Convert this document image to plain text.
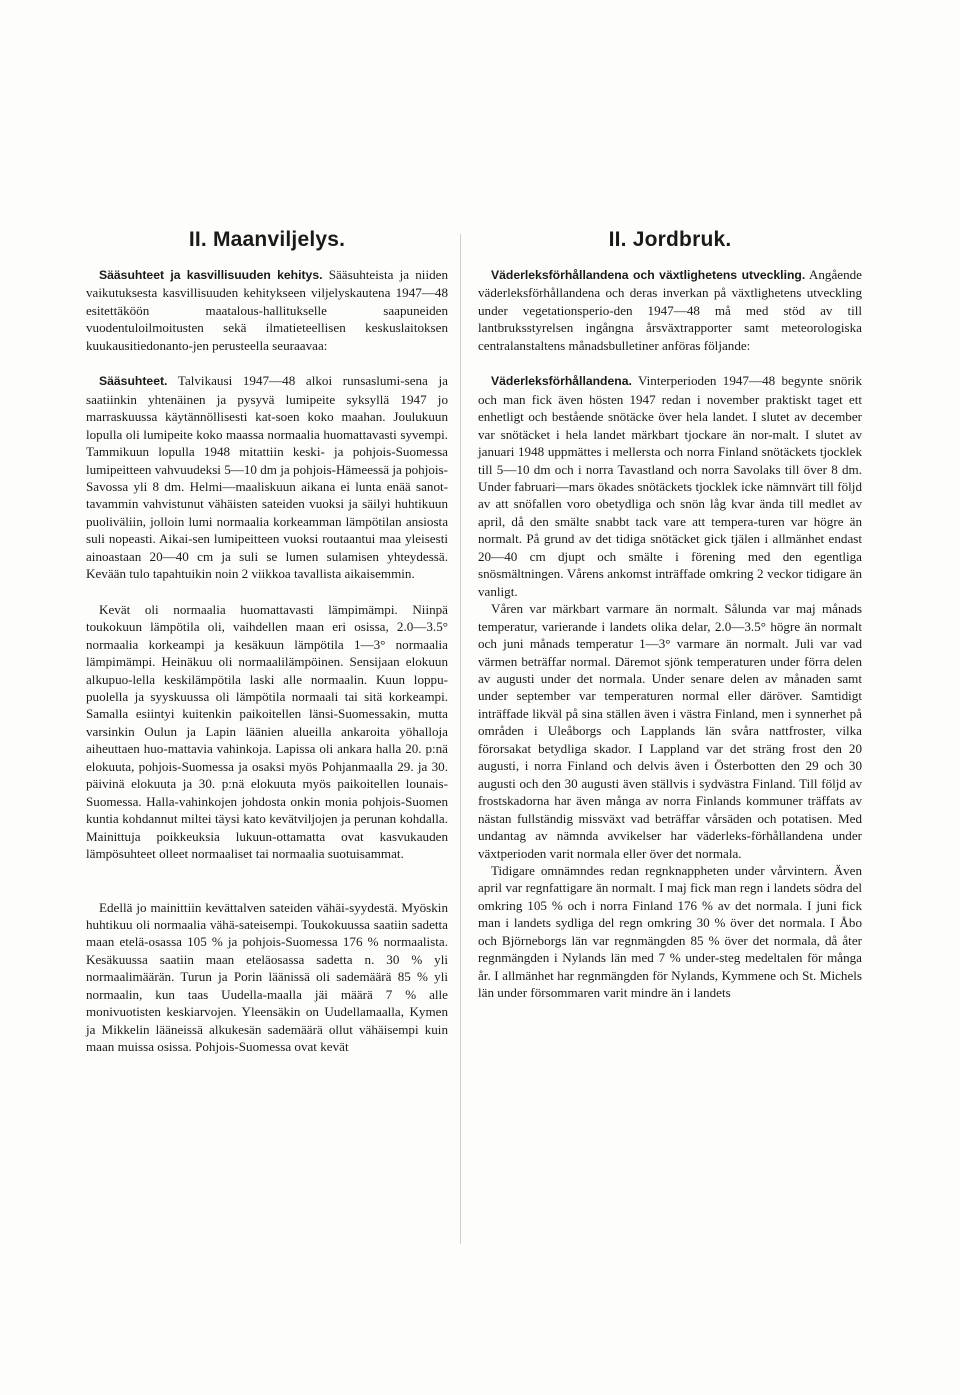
II. Maanviljelys.

Sääsuhteet ja kasvillisuuden kehitys. Sääsuhteista ja niiden vaikutuksesta kasvillisuuden kehitykseen viljelyskautena 1947—48 esitettäköön maatalous-hallitukselle saapuneiden vuodentuloilmoitusten sekä ilmatieteellisen keskuslaitoksen kuukausitiedonanto-jen perusteella seuraavaa:

Sääsuhteet. Talvikausi 1947—48 alkoi runsaslumi-sena ja saatiinkin yhtenäinen ja pysyvä lumipeite syksyllä 1947 jo marraskuussa käytännöllisesti kat-soen koko maahan. Joulukuun lopulla oli lumipeite koko maassa normaalia huomattavasti syvempi. Tammikuun lopulla 1948 mitattiin keski- ja pohjois-Suomessa lumipeitteen vahvuudeksi 5—10 dm ja pohjois-Hämeessä ja pohjois-Savossa yli 8 dm. Helmi—maaliskuun aikana ei lunta enää sanot-tavammin vahvistunut vähäisten sateiden vuoksi ja säilyi huhtikuun puoliväliin, jolloin lumi normaalia korkeamman lämpötilan ansiosta suli nopeasti. Aikai-sen lumipeitteen vuoksi routaantui maa yleisesti ainoastaan 20—40 cm ja suli se lumen sulamisen yhteydessä. Kevään tulo tapahtuikin noin 2 viikkoa tavallista aikaisemmin.

Kevät oli normaalia huomattavasti lämpimämpi. Niinpä toukokuun lämpötila oli, vaihdellen maan eri osissa, 2.0—3.5° normaalia korkeampi ja kesäkuun lämpötila 1—3° normaalia lämpimämpi. Heinäkuu oli normaalilämpöinen. Sensijaan elokuun alkupuo-lella keskilämpötila laski alle normaalin. Kuun loppu-puolella ja syyskuussa oli lämpötila normaali tai sitä korkeampi. Samalla esiintyi kuitenkin paikoitellen länsi-Suomessakin, mutta varsinkin Oulun ja Lapin läänien alueilla ankaroita yöhalloja aiheuttaen huo-mattavia vahinkoja. Lapissa oli ankara halla 20. p:nä elokuuta, pohjois-Suomessa ja osaksi myös Pohjanmaalla 29. ja 30. päivinä elokuuta ja 30. p:nä elokuuta myös paikoitellen lounais-Suomessa. Halla-vahinkojen johdosta onkin monia pohjois-Suomen kuntia kohdannut miltei täysi kato kevätviljojen ja perunan kohdalla. Mainittuja poikkeuksia lukuun-ottamatta ovat kasvukauden lämpösuhteet olleet normaaliset tai normaalia suotuisammat.

Edellä jo mainittiin kevättalven sateiden vähäi-syydestä. Myöskin huhtikuu oli normaalia vähä-sateisempi. Toukokuussa saatiin sadetta maan etelä-osassa 105 % ja pohjois-Suomessa 176 % normaalista. Kesäkuussa saatiin maan eteläosassa sadetta n. 30 % yli normaalimäärän. Turun ja Porin läänissä oli sademäärä 85 % yli normaalin, kun taas Uudella-maalla jäi määrä 7 % alle monivuotisten keskiarvojen. Yleensäkin on Uudellamaalla, Kymen ja Mikkelin lääneissä alkukesän sademäärä ollut vähäisempi kuin maan muissa osissa. Pohjois-Suomessa ovat kevät

II. Jordbruk.

Väderleksförhållandena och växtlighetens utveckling. Angående väderleksförhållandena och deras inverkan på växtlighetens utveckling under vegetationsperio-den 1947—48 må med stöd av till lantbruksstyrelsen ingångna årsväxtrapporter samt meteorologiska centralanstaltens månadsbulletiner anföras följande:

Väderleksförhållandena. Vinterperioden 1947—48 begynte snörik och man fick även hösten 1947 redan i november praktiskt taget ett enhetligt och bestående snötäcke över hela landet. I slutet av december var snötäcket i hela landet märkbart tjockare än nor-malt. I slutet av januari 1948 uppmättes i mellersta och norra Finland snötäckets tjocklek till 5—10 dm och i norra Tavastland och norra Savolaks till över 8 dm. Under fabruari—mars ökades snötäckets tjocklek icke nämnvärt till följd av att snöfallen voro obetydliga och snön låg kvar ända till medlet av april, då den smälte snabbt tack vare att tempera-turen var högre än normalt. På grund av det tidiga snötäcket gick tjälen i allmänhet endast 20—40 cm djupt och smälte i förening med den egentliga snösmältningen. Vårens ankomst inträffade omkring 2 veckor tidigare än vanligt.

Våren var märkbart varmare än normalt. Sålunda var maj månads temperatur, varierande i landets olika delar, 2.0—3.5° högre än normalt och juni månads temperatur 1—3° varmare än normalt. Juli var vad värmen beträffar normal. Däremot sjönk temperaturen under förra delen av augusti under det normala. Under senare delen av månaden samt under september var temperaturen normal eller däröver. Samtidigt inträffade likväl på sina ställen även i västra Finland, men i synnerhet på områden i Uleåborgs och Lapplands län svåra nattfroster, vilka förorsakat betydliga skador. I Lappland var det sträng frost den 20 augusti, i norra Finland och delvis även i Österbotten den 29 och 30 augusti och den 30 augusti även ställvis i sydvästra Finland. Till följd av frostskadorna har även många av norra Finlands kommuner träffats av nästan fullständig missväxt vad beträffar vårsäden och potatisen. Med undantag av nämnda avvikelser har väderleks-förhållandena under växtperioden varit normala eller över det normala.

Tidigare omnämndes redan regnknappheten under vårvintern. Även april var regnfattigare än normalt. I maj fick man regn i landets södra del omkring 105 % och i norra Finland 176 % av det normala. I juni fick man i landets sydliga del regn omkring 30 % över det normala. I Åbo och Björneborgs län var regnmängden 85 % över det normala, då åter regnmängden i Nylands län med 7 % under-steg medeltalen för många år. I allmänhet har regnmängden för Nylands, Kymmene och St. Michels län under försommaren varit mindre än i landets
